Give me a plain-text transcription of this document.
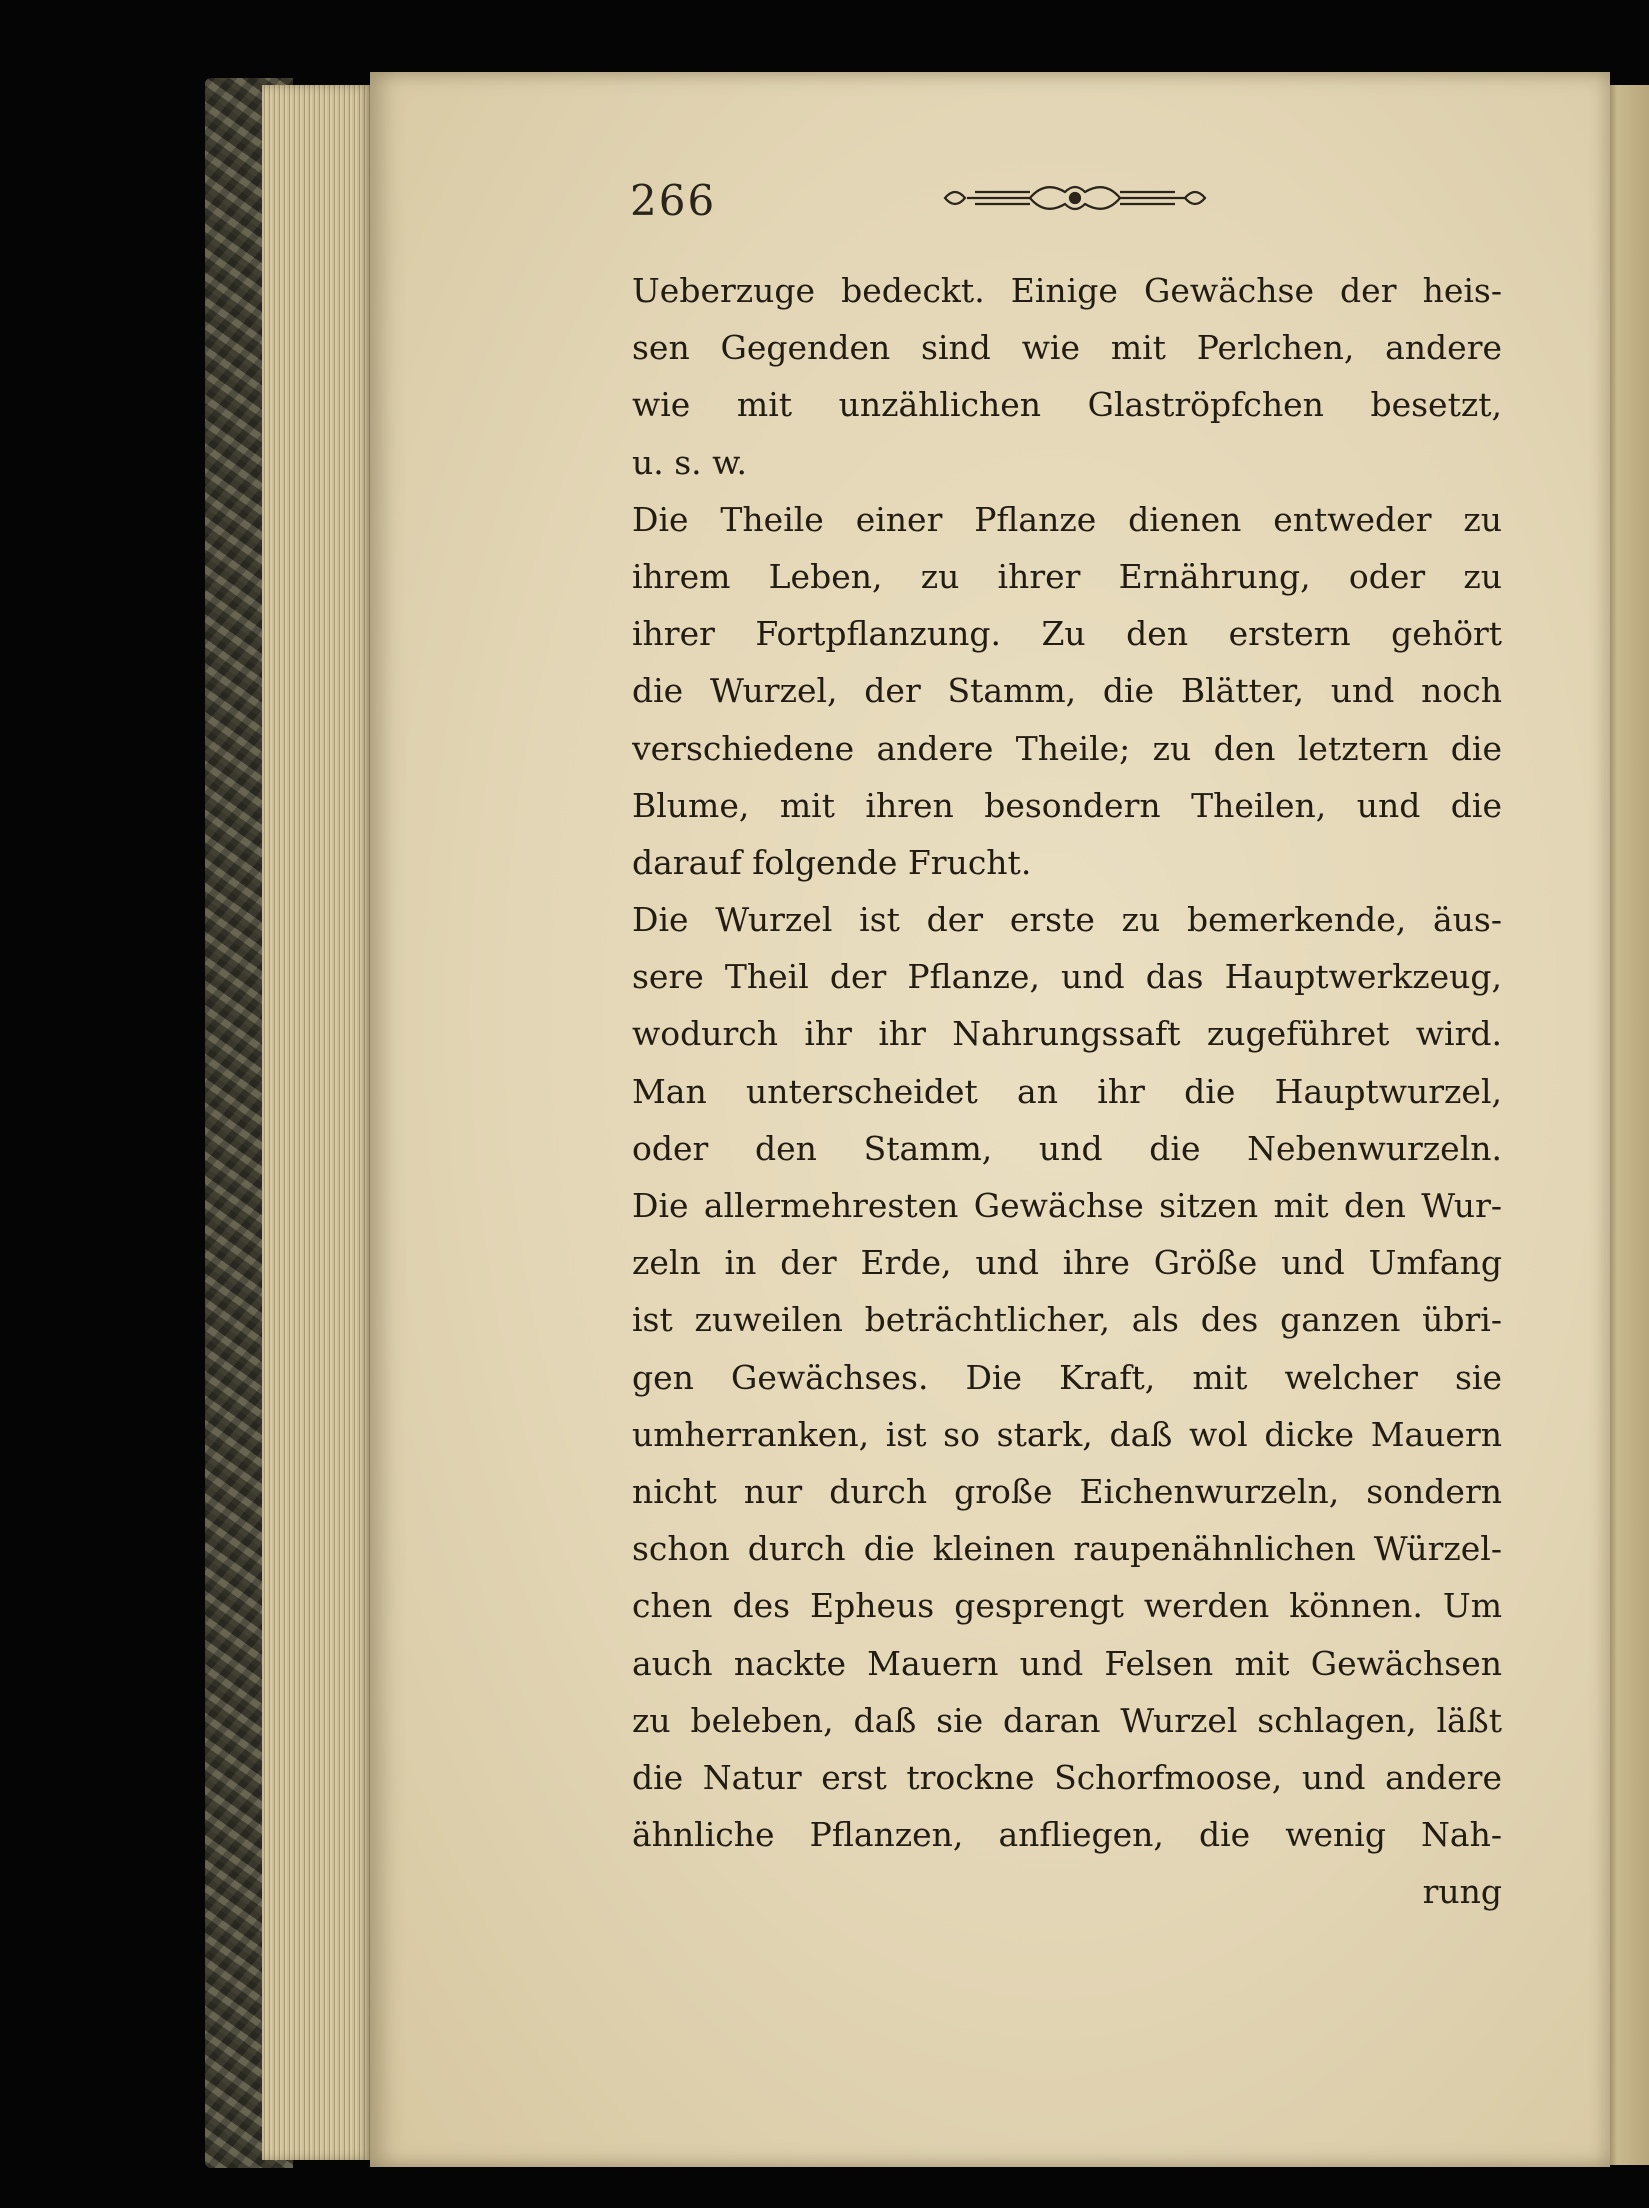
266
Ueberzuge bedeckt. Einige Gewächse der heis-
sen Gegenden sind wie mit Perlchen, andere
wie mit unzählichen Glaströpfchen besetzt,
u. s. w.
Die Theile einer Pflanze dienen entweder zu
ihrem Leben, zu ihrer Ernährung, oder zu
ihrer Fortpflanzung. Zu den erstern gehört
die Wurzel, der Stamm, die Blätter, und noch
verschiedene andere Theile; zu den letztern die
Blume, mit ihren besondern Theilen, und die
darauf folgende Frucht.
Die Wurzel ist der erste zu bemerkende, äus-
sere Theil der Pflanze, und das Hauptwerkzeug,
wodurch ihr ihr Nahrungssaft zugeführet wird.
Man unterscheidet an ihr die Hauptwurzel,
oder den Stamm, und die Nebenwurzeln.
Die allermehresten Gewächse sitzen mit den Wur-
zeln in der Erde, und ihre Größe und Umfang
ist zuweilen beträchtlicher, als des ganzen übri-
gen Gewächses. Die Kraft, mit welcher sie
umherranken, ist so stark, daß wol dicke Mauern
nicht nur durch große Eichenwurzeln, sondern
schon durch die kleinen raupenähnlichen Würzel-
chen des Epheus gesprengt werden können. Um
auch nackte Mauern und Felsen mit Gewächsen
zu beleben, daß sie daran Wurzel schlagen, läßt
die Natur erst trockne Schorfmoose, und andere
ähnliche Pflanzen, anfliegen, die wenig Nah-
rung
